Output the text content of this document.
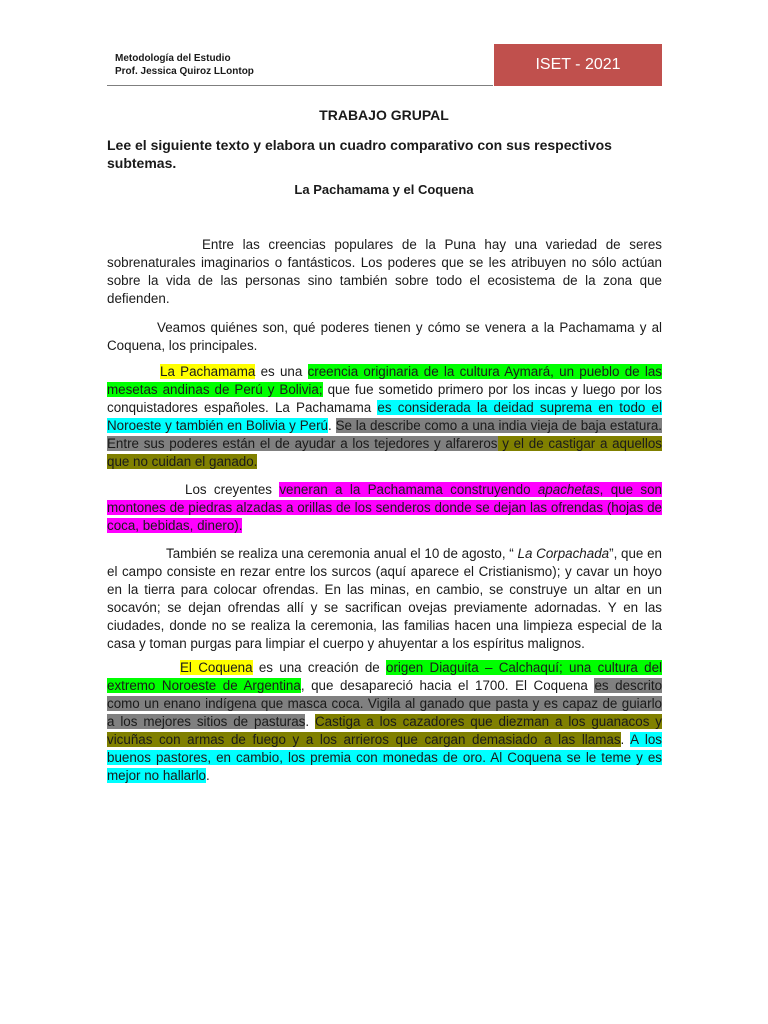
Metodología del Estudio
Prof. Jessica Quiroz LLontop	ISET - 2021
TRABAJO GRUPAL
Lee el siguiente texto y elabora un cuadro comparativo con sus respectivos subtemas.
La Pachamama y el Coquena

Entre las creencias populares de la Puna hay una variedad de seres sobrenaturales imaginarios o fantásticos. Los poderes que se les atribuyen no sólo actúan sobre la vida de las personas sino también sobre todo el ecosistema de la zona que defienden.

Veamos quiénes son, qué poderes tienen y cómo se venera a la Pachamama y al Coquena, los principales.

La Pachamama es una creencia originaria de la cultura Aymará, un pueblo de las mesetas andinas de Perú y Bolivia; que fue sometido primero por los incas y luego por los conquistadores españoles. La Pachamama es considerada la deidad suprema en todo el Noroeste y también en Bolivia y Perú. Se la describe como a una india vieja de baja estatura. Entre sus poderes están el de ayudar a los tejedores y alfareros y el de castigar a aquellos que no cuidan el ganado.

Los creyentes veneran a la Pachamama construyendo apachetas, que son montones de piedras alzadas a orillas de los senderos donde se dejan las ofrendas (hojas de coca, bebidas, dinero).

También se realiza una ceremonia anual el 10 de agosto, “ La Corpachada”, que en el campo consiste en rezar entre los surcos (aquí aparece el Cristianismo); y cavar un hoyo en la tierra para colocar ofrendas. En las minas, en cambio, se construye un altar en un socavón; se dejan ofrendas allí y se sacrifican ovejas previamente adornadas. Y en las ciudades, donde no se realiza la ceremonia, las familias hacen una limpieza especial de la casa y toman purgas para limpiar el cuerpo y ahuyentar a los espíritus malignos.

El Coquena es una creación de origen Diaguita – Calchaquí; una cultura del extremo Noroeste de Argentina, que desapareció hacia el 1700. El Coquena es descrito como un enano indígena que masca coca. Vigila al ganado que pasta y es capaz de guiarlo a los mejores sitios de pasturas. Castiga a los cazadores que diezman a los guanacos y vicuñas con armas de fuego y a los arrieros que cargan demasiado a las llamas. A los buenos pastores, en cambio, los premia con monedas de oro. Al Coquena se le teme y es mejor no hallarlo.
